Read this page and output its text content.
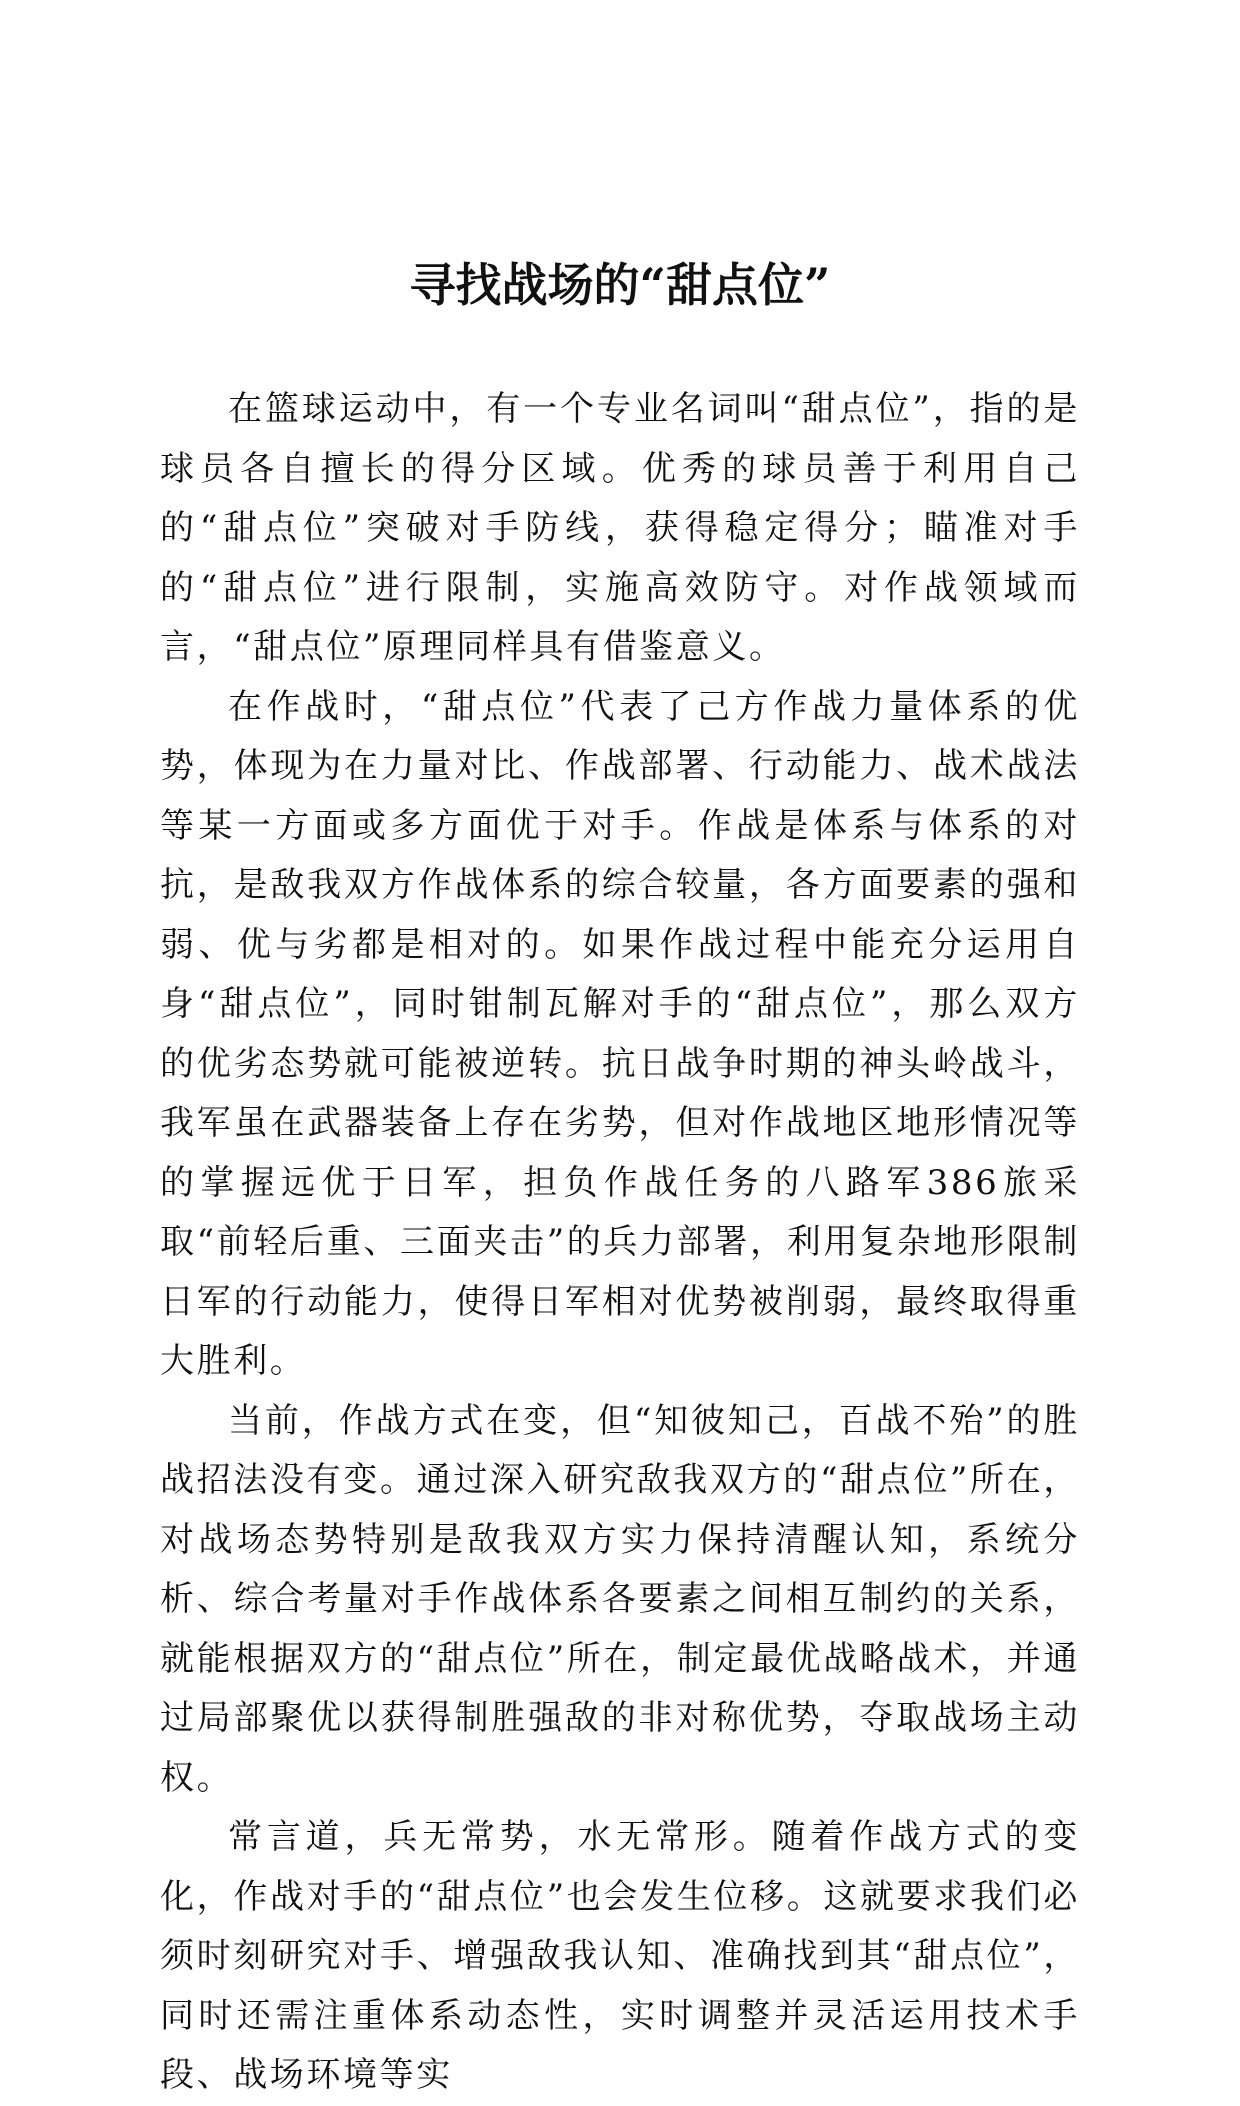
寻找战场的“甜点位”

在篮球运动中，有一个专业名词叫“甜点位”，指的是球员各自擅长的得分区域。优秀的球员善于利用自己的“甜点位”突破对手防线，获得稳定得分；瞄准对手的“甜点位”进行限制，实施高效防守。对作战领域而言，“甜点位”原理同样具有借鉴意义。

在作战时，“甜点位”代表了己方作战力量体系的优势，体现为在力量对比、作战部署、行动能力、战术战法等某一方面或多方面优于对手。作战是体系与体系的对抗，是敌我双方作战体系的综合较量，各方面要素的强和弱、优与劣都是相对的。如果作战过程中能充分运用自身“甜点位”，同时钳制瓦解对手的“甜点位”，那么双方的优劣态势就可能被逆转。抗日战争时期的神头岭战斗，我军虽在武器装备上存在劣势，但对作战地区地形情况等的掌握远优于日军，担负作战任务的八路军386旅采取“前轻后重、三面夹击”的兵力部署，利用复杂地形限制日军的行动能力，使得日军相对优势被削弱，最终取得重大胜利。

当前，作战方式在变，但“知彼知己，百战不殆”的胜战招法没有变。通过深入研究敌我双方的“甜点位”所在，对战场态势特别是敌我双方实力保持清醒认知，系统分析、综合考量对手作战体系各要素之间相互制约的关系，就能根据双方的“甜点位”所在，制定最优战略战术，并通过局部聚优以获得制胜强敌的非对称优势，夺取战场主动权。

常言道，兵无常势，水无常形。随着作战方式的变化，作战对手的“甜点位”也会发生位移。这就要求我们必须时刻研究对手、增强敌我认知、准确找到其“甜点位”，同时还需注重体系动态性，实时调整并灵活运用技术手段、战场环境等实
